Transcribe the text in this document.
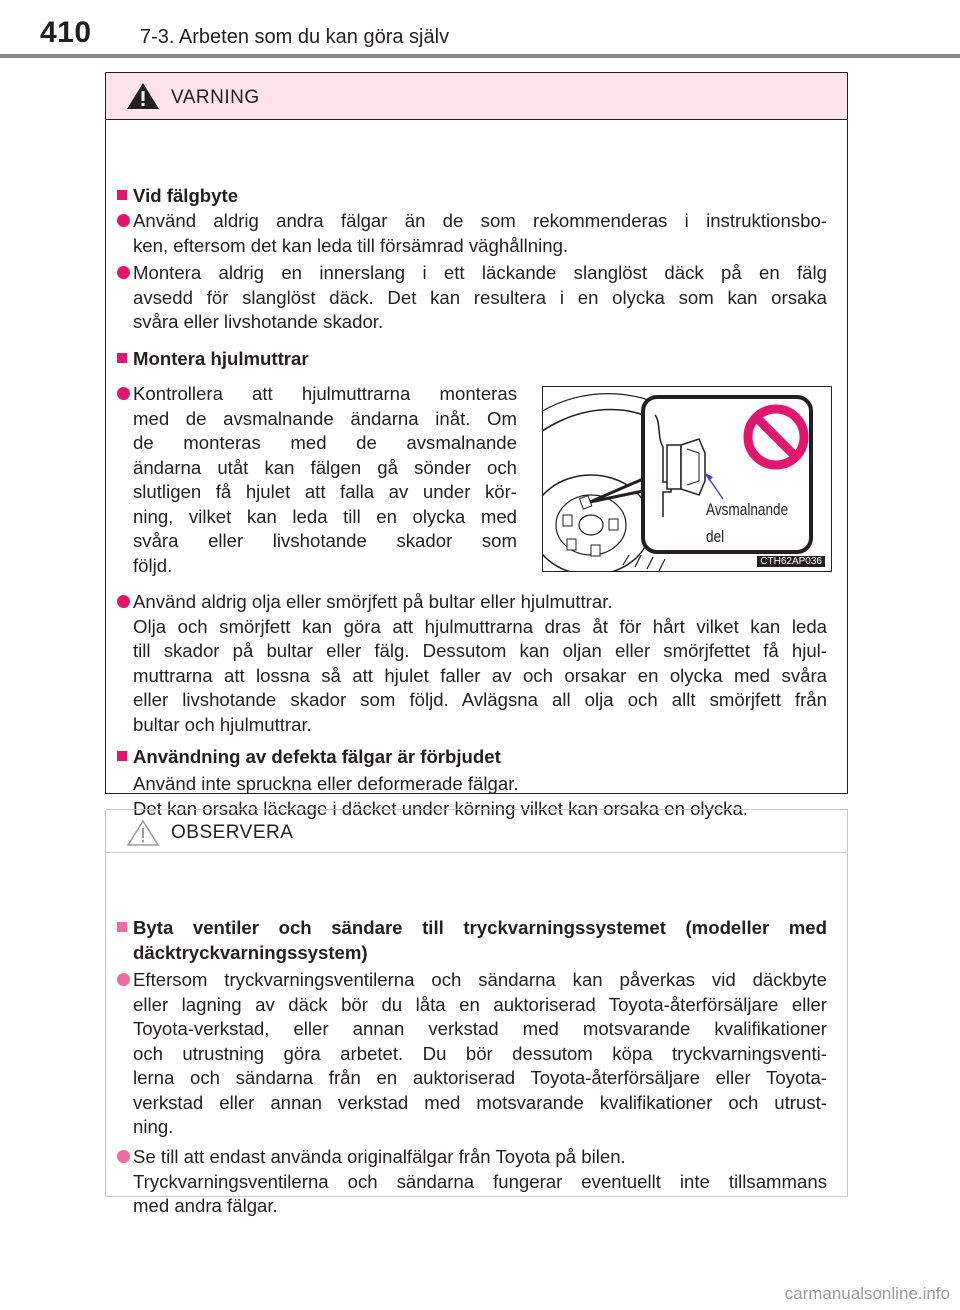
410 7-3. Arbeten som du kan göra själv
VARNING
Vid fälgbyte
Använd aldrig andra fälgar än de som rekommenderas i instruktionsbo-
ken, eftersom det kan leda till försämrad väghållning.
Montera aldrig en innerslang i ett läckande slanglöst däck på en fälg
avsedd för slanglöst däck. Det kan resultera i en olycka som kan orsaka
svåra eller livshotande skador.
Montera hjulmuttrar
Kontrollera att hjulmuttrarna monteras
med de avsmalnande ändarna inåt. Om
de monteras med de avsmalnande
ändarna utåt kan fälgen gå sönder och
slutligen få hjulet att falla av under kör-
ning, vilket kan leda till en olycka med
svåra eller livshotande skador som
följd.
Avsmalnande
del
CTH62AP036
Använd aldrig olja eller smörjfett på bultar eller hjulmuttrar.
Olja och smörjfett kan göra att hjulmuttrarna dras åt för hårt vilket kan leda
till skador på bultar eller fälg. Dessutom kan oljan eller smörjfettet få hjul-
muttrarna att lossna så att hjulet faller av och orsakar en olycka med svåra
eller livshotande skador som följd. Avlägsna all olja och allt smörjfett från
bultar och hjulmuttrar.
Användning av defekta fälgar är förbjudet
Använd inte spruckna eller deformerade fälgar.
Det kan orsaka läckage i däcket under körning vilket kan orsaka en olycka.
OBSERVERA
Byta ventiler och sändare till tryckvarningssystemet (modeller med
däcktryckvarningssystem)
Eftersom tryckvarningsventilerna och sändarna kan påverkas vid däckbyte
eller lagning av däck bör du låta en auktoriserad Toyota-återförsäljare eller
Toyota-verkstad, eller annan verkstad med motsvarande kvalifikationer
och utrustning göra arbetet. Du bör dessutom köpa tryckvarningsventi-
lerna och sändarna från en auktoriserad Toyota-återförsäljare eller Toyota-
verkstad eller annan verkstad med motsvarande kvalifikationer och utrust-
ning.
Se till att endast använda originalfälgar från Toyota på bilen.
Tryckvarningsventilerna och sändarna fungerar eventuellt inte tillsammans
med andra fälgar.
carmanualsonline.info
